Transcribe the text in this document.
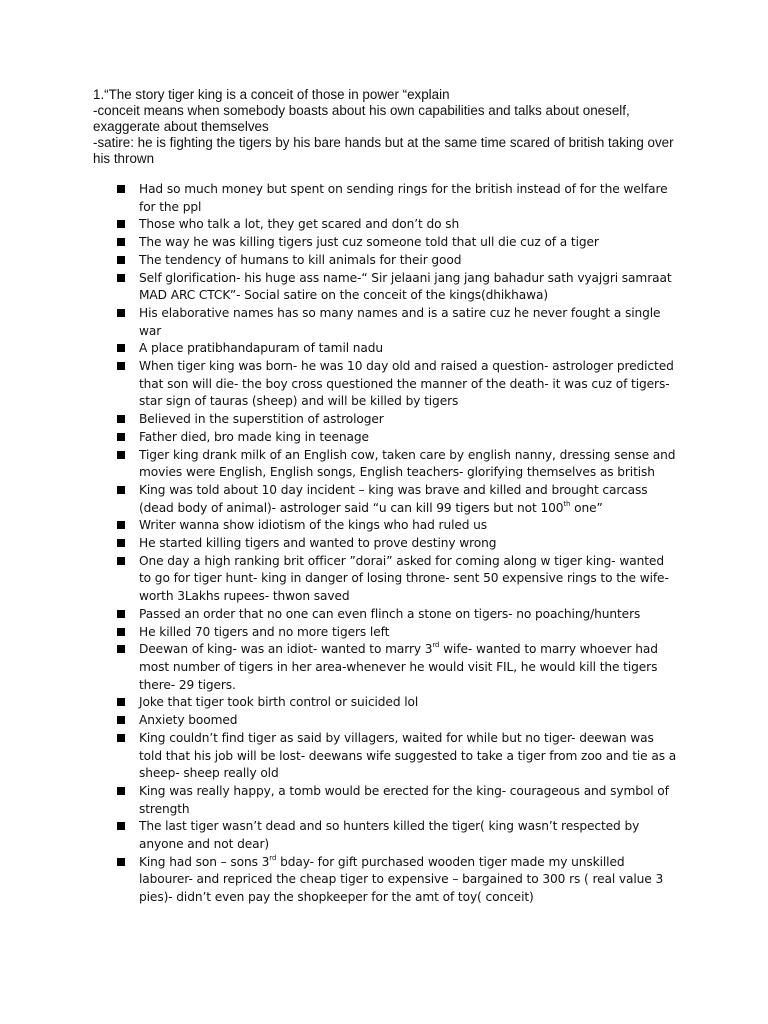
1.“The story tiger king is a conceit of those in power “explain
-conceit means when somebody boasts about his own capabilities and talks about oneself, exaggerate about themselves
-satire: he is fighting the tigers by his bare hands but at the same time scared of british taking over his thrown
Had so much money but spent on sending rings for the british instead of for the welfare for the ppl
Those who talk a lot, they get scared and don’t do sh
The way he was killing tigers just cuz someone told that ull die cuz of a tiger
The tendency of humans to kill animals for their good
Self glorification- his huge ass name-“ Sir jelaani jang jang bahadur sath vyajgri samraat MAD ARC CTCK”- Social satire on the conceit of the kings(dhikhawa)
His elaborative names has so many names and is a satire cuz he never fought a single war
A place pratibhandapuram of tamil nadu
When tiger king was born- he was 10 day old and raised a question- astrologer predicted that son will die- the boy cross questioned the manner of the death- it was cuz of tigers- star sign of tauras (sheep) and will be killed by tigers
Believed in the superstition of astrologer
Father died, bro made king in teenage
Tiger king drank milk of an English cow, taken care by english nanny, dressing sense and movies were English, English songs, English teachers- glorifying themselves as british
King was told about 10 day incident – king was brave and killed and brought carcass (dead body of animal)- astrologer said “u can kill 99 tigers but not 100th one”
Writer wanna show idiotism of the kings who had ruled us
He started killing tigers and wanted to prove destiny wrong
One day a high ranking brit officer ”dorai” asked for coming along w tiger king- wanted to go for tiger hunt- king in danger of losing throne- sent 50 expensive rings to the wife- worth 3Lakhs rupees- thwon saved
Passed an order that no one can even flinch a stone on tigers- no poaching/hunters
He killed 70 tigers and no more tigers left
Deewan of king- was an idiot- wanted to marry 3rd wife- wanted to marry whoever had most number of tigers in her area-whenever he would visit FIL, he would kill the tigers there- 29 tigers.
Joke that tiger took birth control or suicided lol
Anxiety boomed
King couldn’t find tiger as said by villagers, waited for while but no tiger- deewan was told that his job will be lost- deewans wife suggested to take a tiger from zoo and tie as a sheep- sheep really old
King was really happy, a tomb would be erected for the king- courageous and symbol of strength
The last tiger wasn’t dead and so hunters killed the tiger( king wasn’t respected by anyone and not dear)
King had son – sons 3rd bday- for gift purchased wooden tiger made my unskilled labourer- and repriced the cheap tiger to expensive – bargained to 300 rs ( real value 3 pies)- didn’t even pay the shopkeeper for the amt of toy( conceit)
